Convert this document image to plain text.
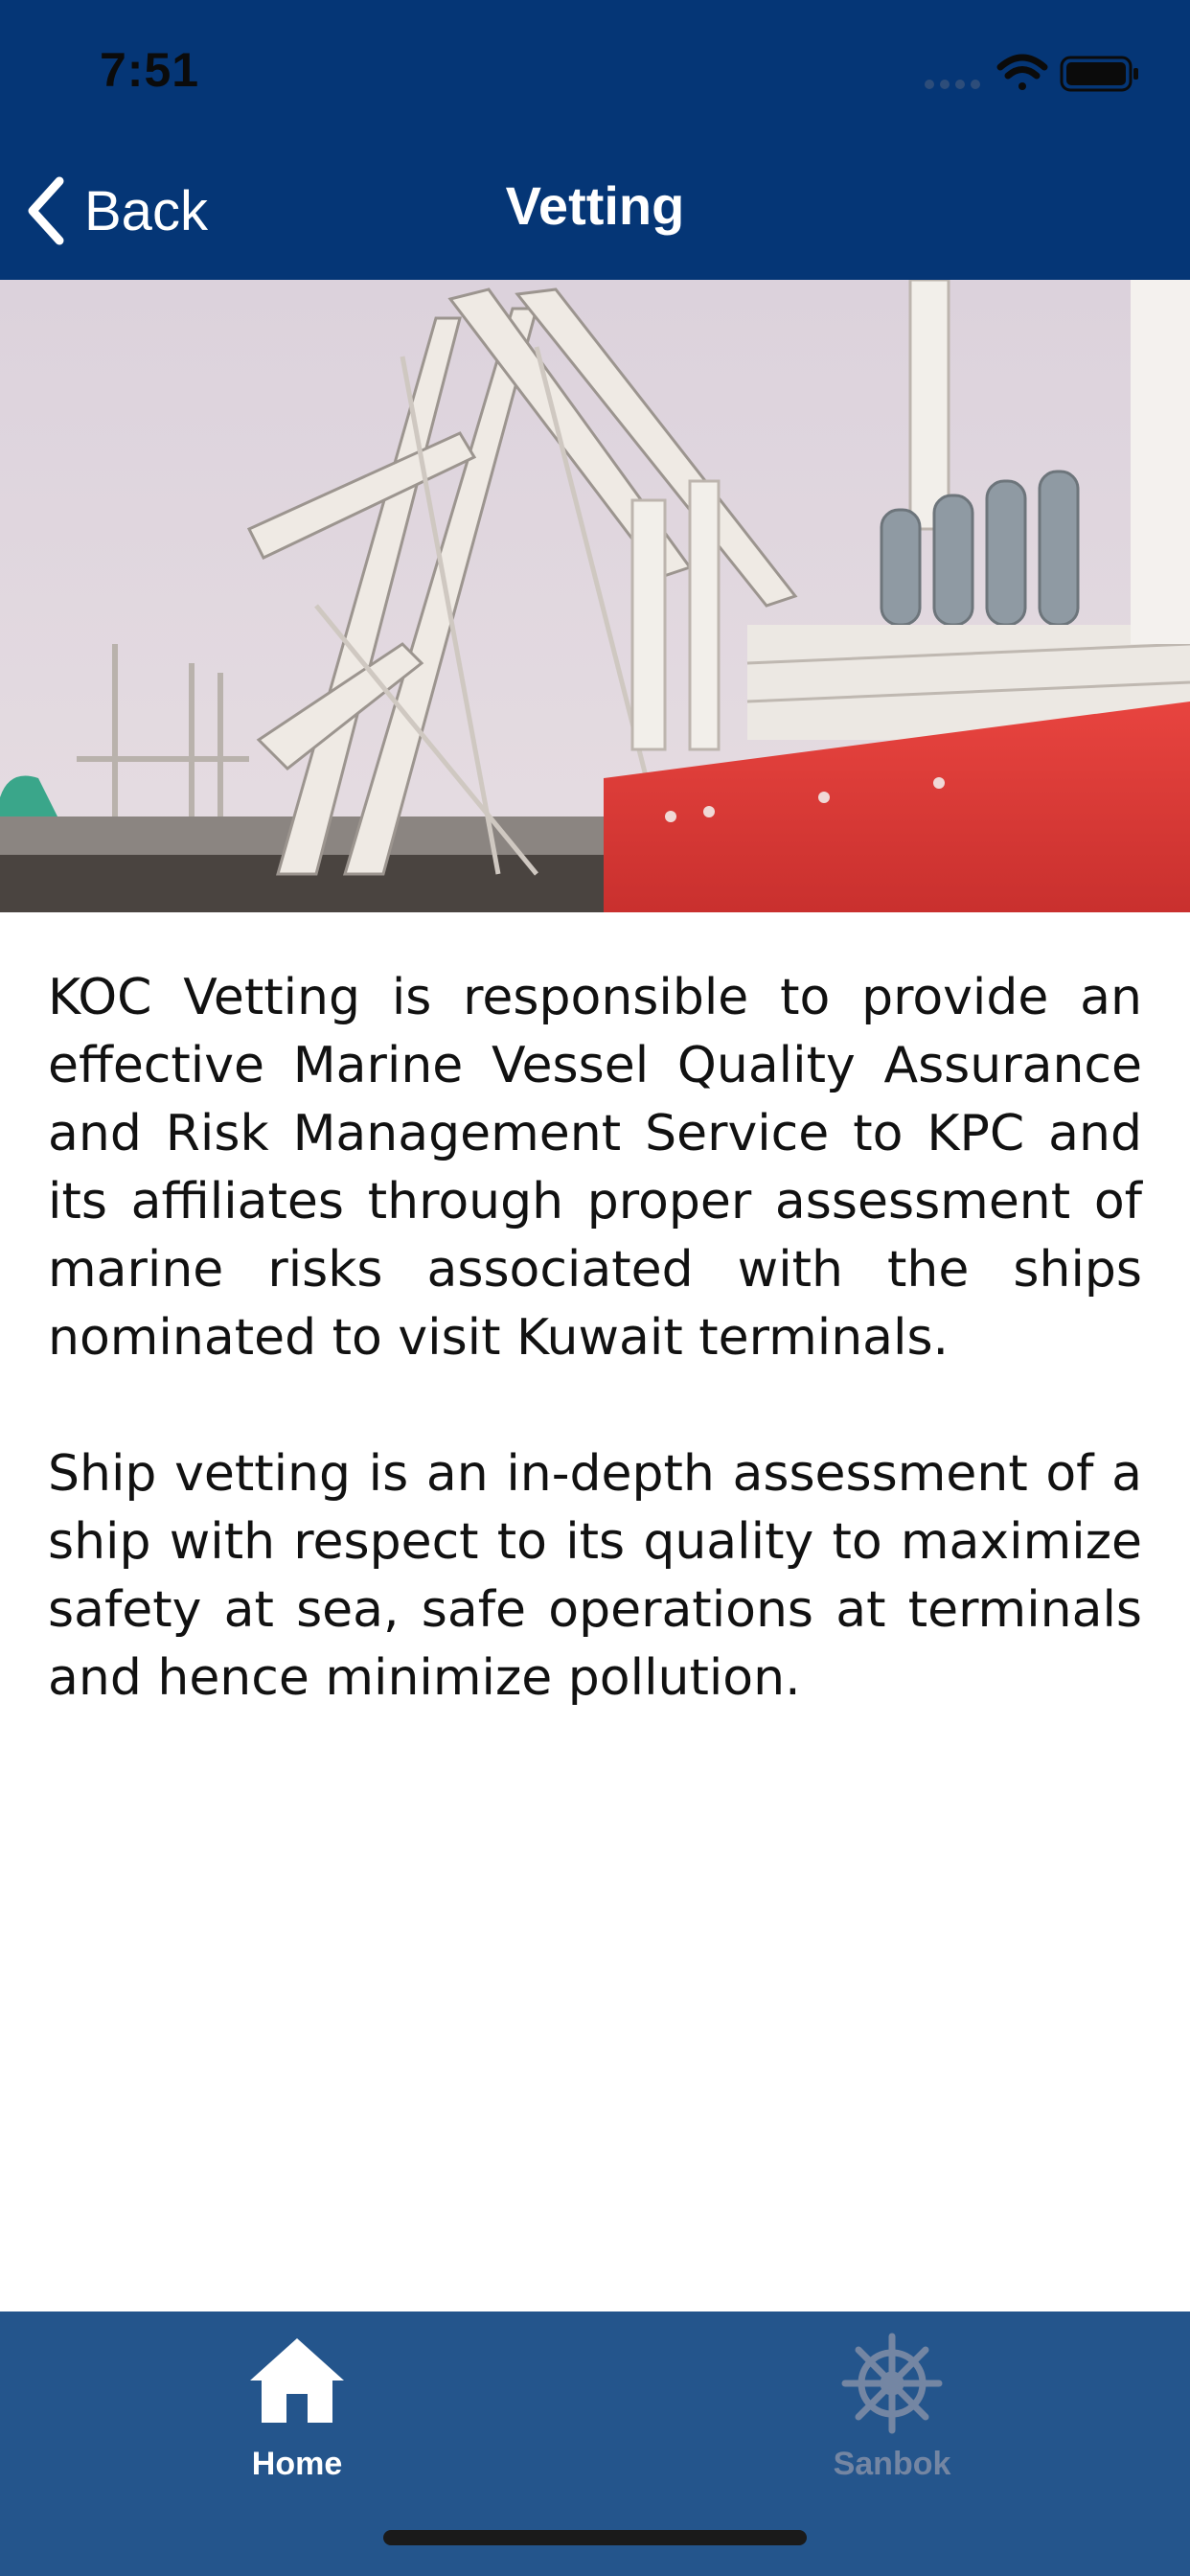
7:51
Back	Vetting

KOC Vetting is responsible to provide an effective Marine Vessel Quality Assurance and Risk Management Service to KPC and its affiliates through proper assessment of marine risks associated with the ships nominated to visit Kuwait terminals.

Ship vetting is an in-depth assessment of a ship with respect to its quality to maximize safety at sea, safe operations at terminals and hence minimize pollution.

Home	Sanbok
